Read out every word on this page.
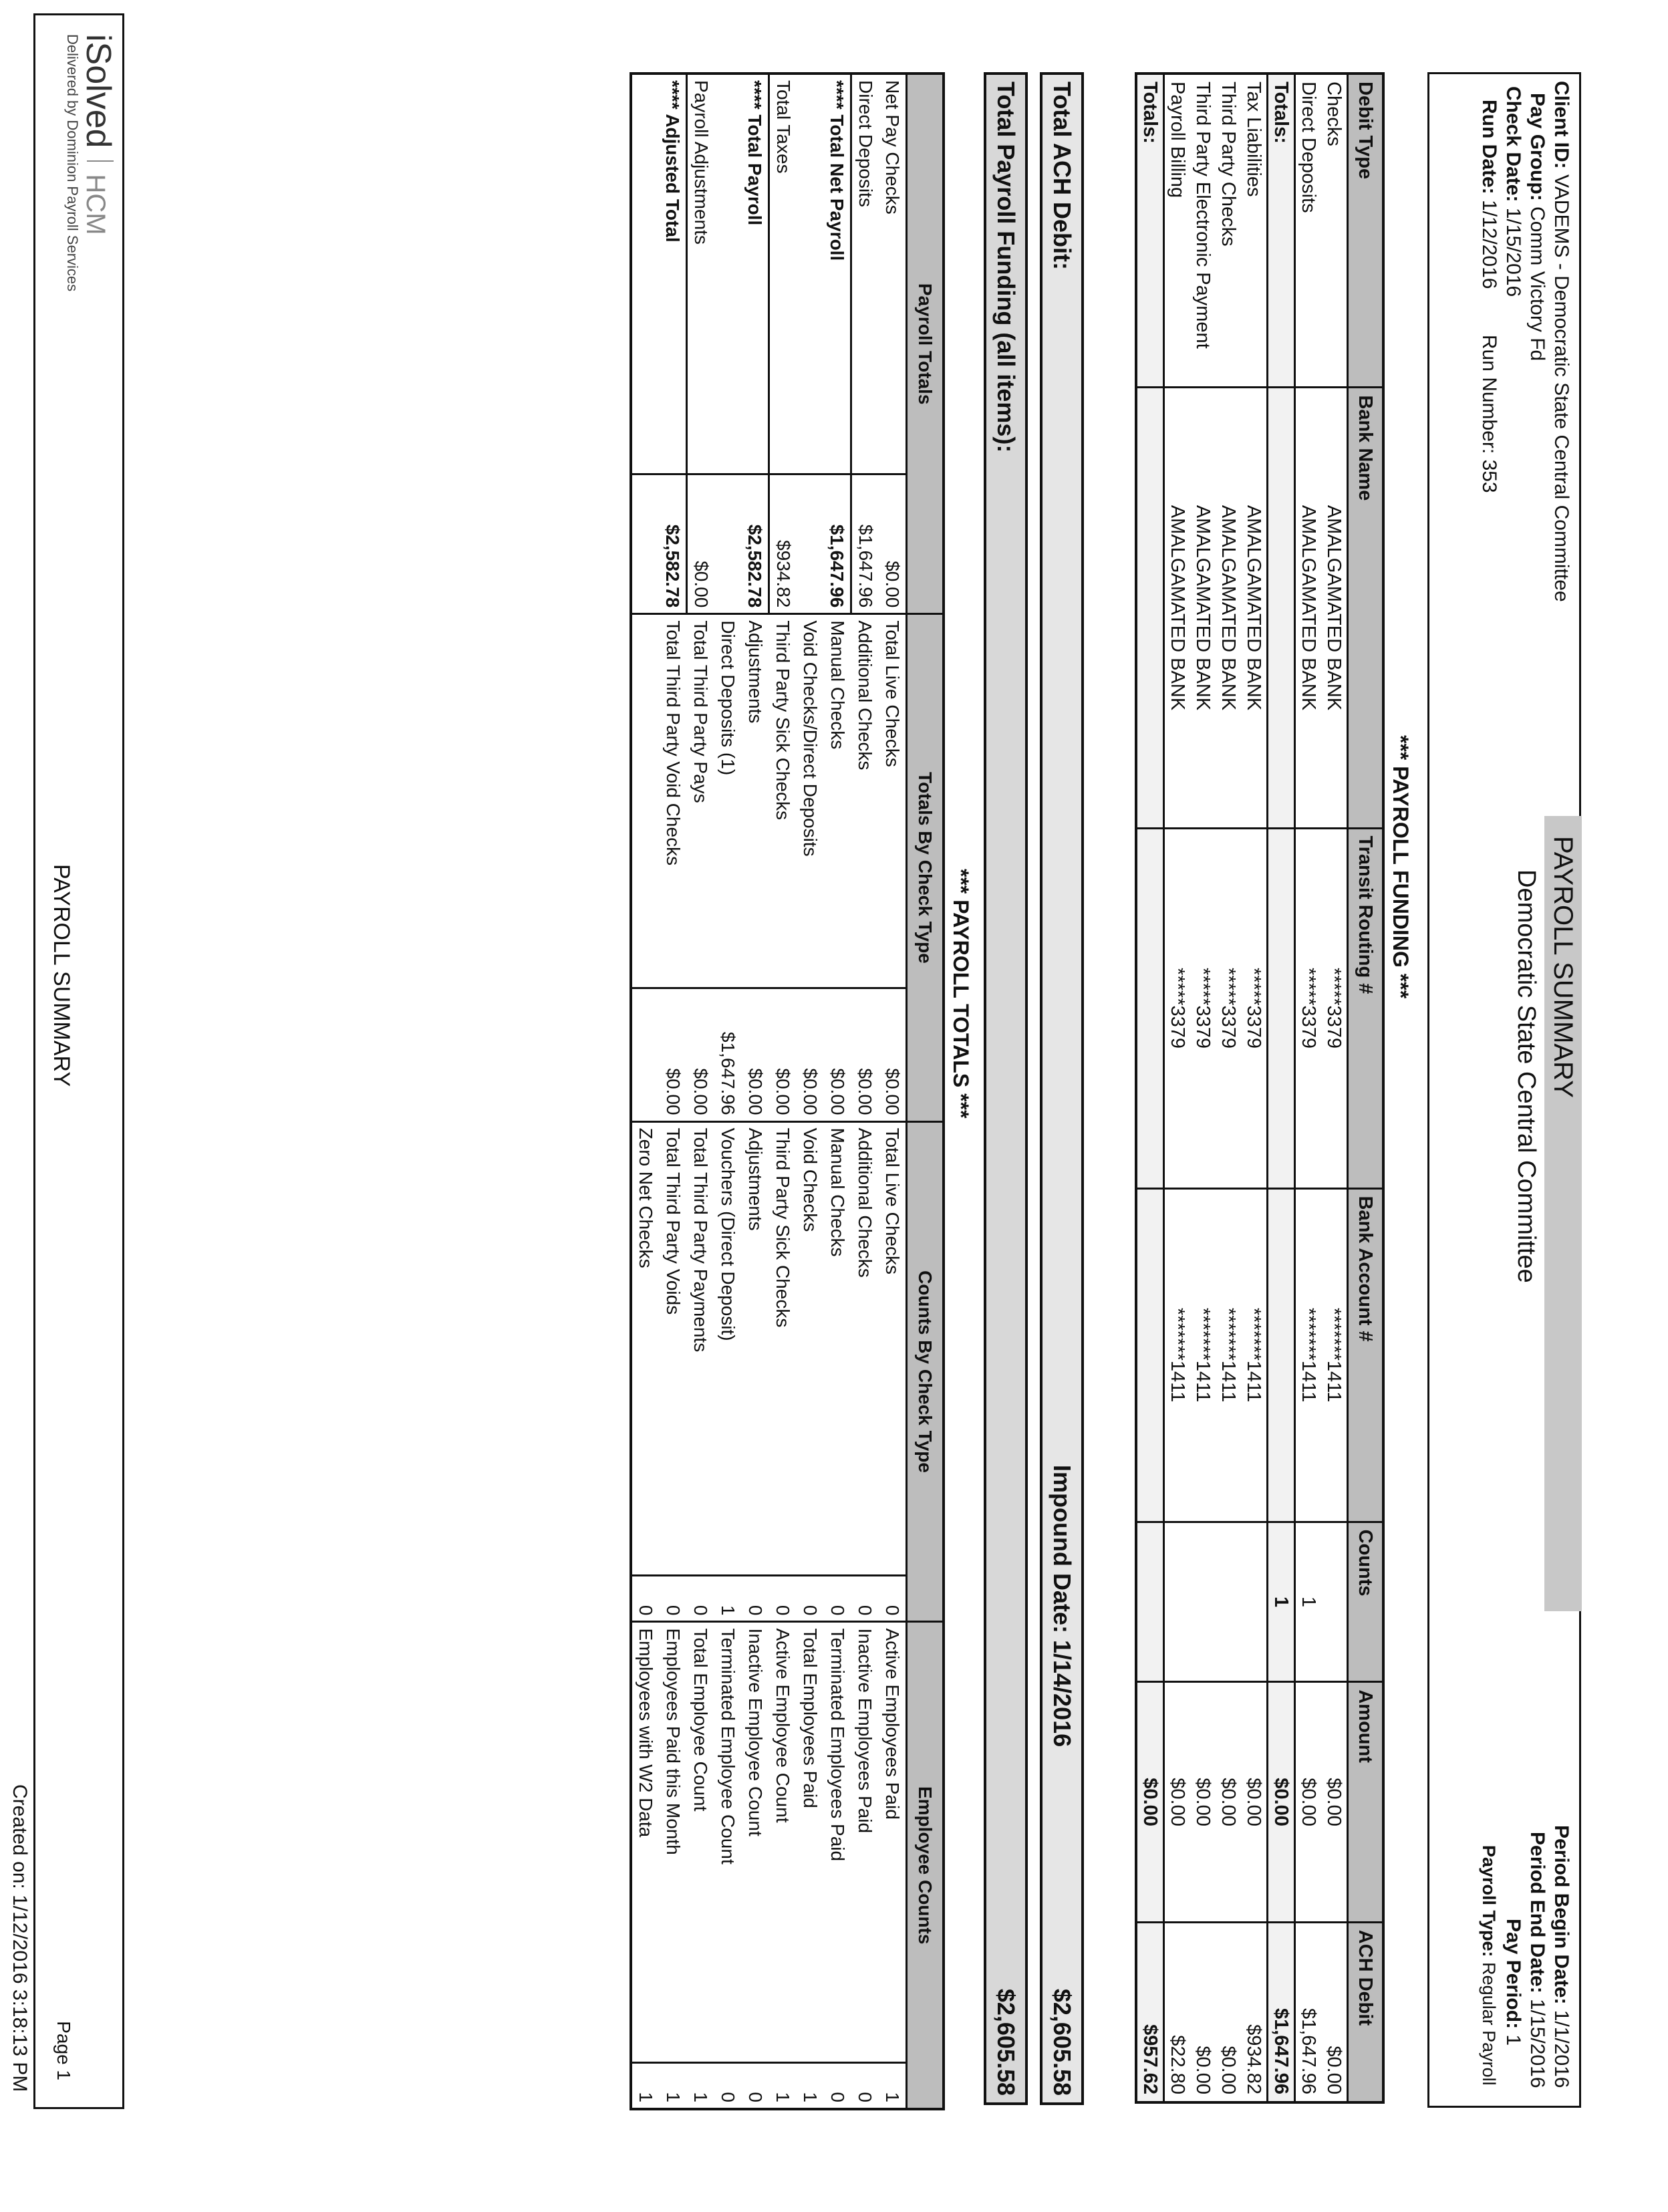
Client ID: VADEMS - Democratic State Central Committee
Pay Group: Comm Victory Fd
Check Date: 1/15/2016
Run Date: 1/12/2016 Run Number: 353
PAYROLL SUMMARY
Democratic State Central Committee
Period Begin Date: 1/1/2016
Period End Date: 1/15/2016
Pay Period: 1
Payroll Type: Regular Payroll
*** PAYROLL FUNDING ***
Debit Type	Bank Name	Transit Routing #	Bank Account #	Counts	Amount	ACH Debit
Checks	AMALGAMATED BANK	*****3379	*******1411		$0.00	$0.00
Direct Deposits	AMALGAMATED BANK	*****3379	*******1411	1	$0.00	$1,647.96
Totals:				1	$0.00	$1,647.96
Tax Liabilities	AMALGAMATED BANK	*****3379	*******1411		$0.00	$934.82
Third Party Checks	AMALGAMATED BANK	*****3379	*******1411		$0.00	$0.00
Third Party Electronic Payment	AMALGAMATED BANK	*****3379	*******1411		$0.00	$0.00
Payroll Billing	AMALGAMATED BANK	*****3379	*******1411		$0.00	$22.80
Totals:					$0.00	$957.62
Total ACH Debit:
Impound Date: 1/14/2016
$2,605.58
Total Payroll Funding (all items):
$2,605.58
*** PAYROLL TOTALS ***
Payroll Totals		Totals By Check Type		Counts By Check Type		Employee Counts	
Net Pay Checks	$0.00	Total Live Checks	$0.00	Total Live Checks	0	Active Employees Paid	1
Direct Deposits	$1,647.96	Additional Checks	$0.00	Additional Checks	0	Inactive Employees Paid	0
**** Total Net Payroll	$1,647.96	Manual Checks	$0.00	Manual Checks	0	Terminated Employees Paid	0
		Void Checks/Direct Deposits	$0.00	Void Checks	0	Total Employees Paid	1
Total Taxes	$934.82	Third Party Sick Checks	$0.00	Third Party Sick Checks	0	Active Employee Count	1
**** Total Payroll	$2,582.78	Adjustments	$0.00	Adjustments	0	Inactive Employee Count	0
		Direct Deposits (1)	$1,647.96	Vouchers (Direct Deposit)	1	Terminated Employee Count	0
Payroll Adjustments	$0.00	Total Third Party Pays	$0.00	Total Third Party Payments	0	Total Employee Count	1
**** Adjusted Total	$2,582.78	Total Third Party Void Checks	$0.00	Total Third Party Voids	0	Employees Paid this Month	1
				Zero Net Checks	0	Employees with W2 Data	1
iSolved  HCM
Delivered by Dominion Payroll Services
PAYROLL SUMMARY
Page 1
Created on: 1/12/2016 3:18:13 PM
